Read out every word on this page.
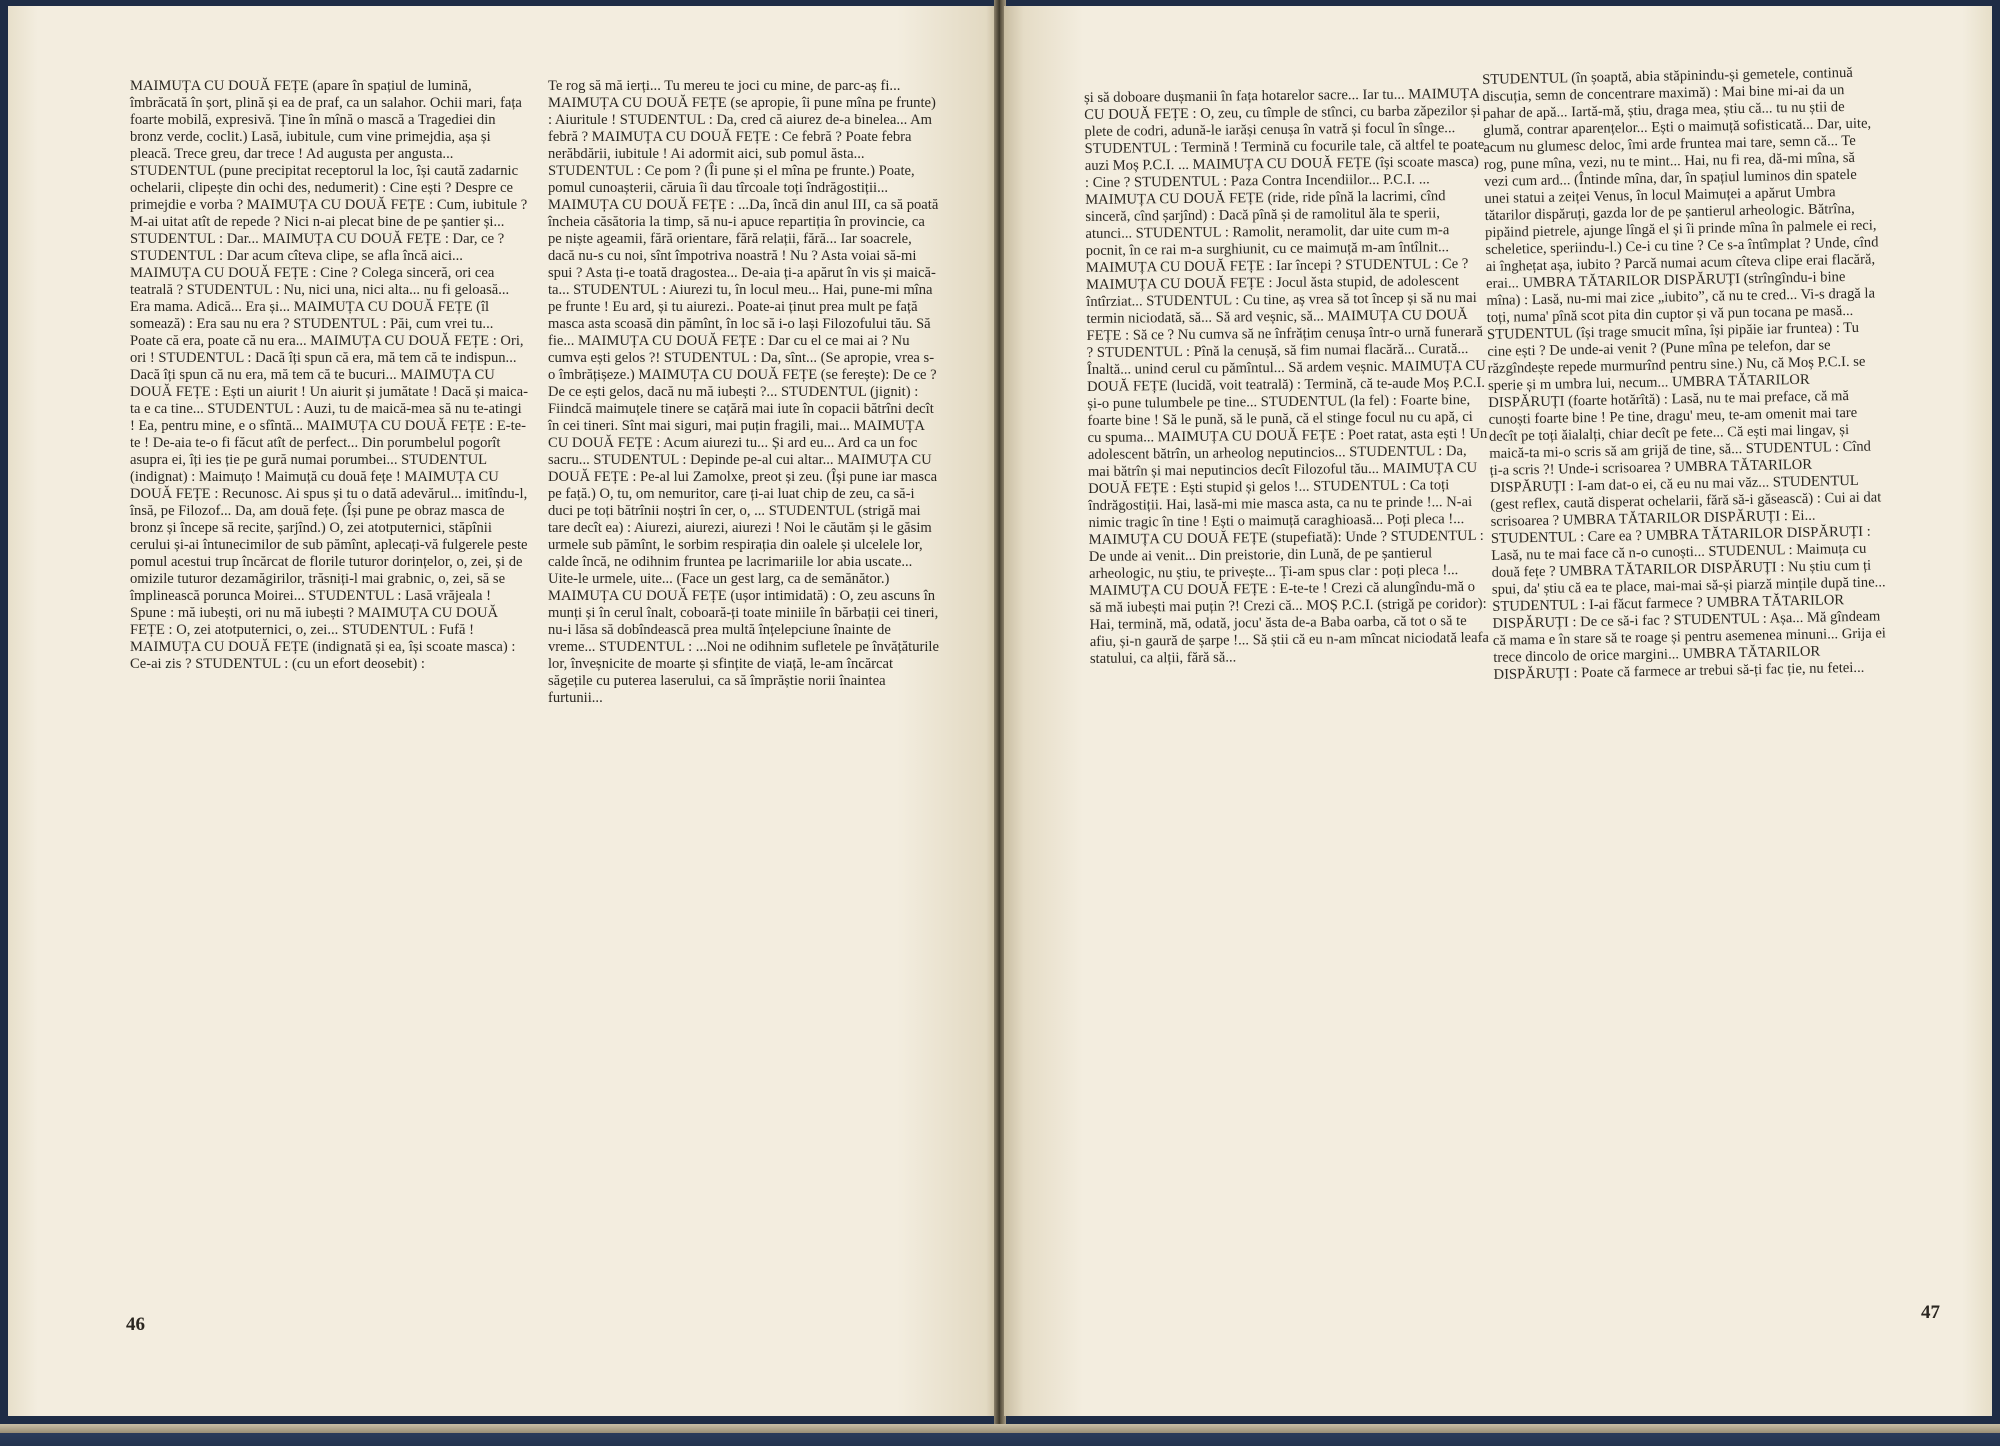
MAIMUȚA CU DOUĂ FEȚE (apare în spațiul de lumină, îmbrăcată în șort, plină și ea de praf, ca un salahor. Ochii mari, fața foarte mobilă, expresivă. Ține în mînă o mască a Tragediei din bronz verde, coclit.) Lasă, iubitule, cum vine primejdia, așa și pleacă. Trece greu, dar trece ! Ad augusta per angusta... STUDENTUL (pune precipitat receptorul la loc, își caută zadarnic ochelarii, clipește din ochi des, nedumerit) : Cine ești ? Despre ce primejdie e vorba ? MAIMUȚA CU DOUĂ FEȚE : Cum, iubitule ? M-ai uitat atît de repede ? Nici n-ai plecat bine de pe șantier și... STUDENTUL : Dar... MAIMUȚA CU DOUĂ FEȚE : Dar, ce ? STUDENTUL : Dar acum cîteva clipe, se afla încă aici... MAIMUȚA CU DOUĂ FEȚE : Cine ? Colega sinceră, ori cea teatrală ? STUDENTUL : Nu, nici una, nici alta... nu fi geloasă... Era mama. Adică... Era și... MAIMUȚA CU DOUĂ FEȚE (îl somează) : Era sau nu era ? STUDENTUL : Păi, cum vrei tu... Poate că era, poate că nu era... MAIMUȚA CU DOUĂ FEȚE : Ori, ori ! STUDENTUL : Dacă îți spun că era, mă tem că te indispun... Dacă îți spun că nu era, mă tem că te bucuri... MAIMUȚA CU DOUĂ FEȚE : Ești un aiurit ! Un aiurit și jumătate ! Dacă și maica-ta e ca tine... STUDENTUL : Auzi, tu de maică-mea să nu te-atingi ! Ea, pentru mine, e o sfîntă... MAIMUȚA CU DOUĂ FEȚE : E-te-te ! De-aia te-o fi făcut atît de perfect... Din porumbelul pogorît asupra ei, îți ies ție pe gură numai porumbei... STUDENTUL (indignat) : Maimuțo ! Maimuță cu două fețe ! MAIMUȚA CU DOUĂ FEȚE : Recunosc. Ai spus și tu o dată adevărul... imitîndu-l, însă, pe Filozof... Da, am două fețe. (Își pune pe obraz masca de bronz și începe să recite, șarjînd.) O, zei atotputernici, stăpînii cerului și-ai întunecimilor de sub pămînt, aplecați-vă fulgerele peste pomul acestui trup încărcat de florile tuturor dorințelor, o, zei, și de omizile tuturor dezamăgirilor, trăsniți-l mai grabnic, o, zei, să se împlinească porunca Moirei... STUDENTUL : Lasă vrăjeala ! Spune : mă iubești, ori nu mă iubești ? MAIMUȚA CU DOUĂ FEȚE : O, zei atotputernici, o, zei... STUDENTUL : Fufă ! MAIMUȚA CU DOUĂ FEȚE (indignată și ea, își scoate masca) : Ce-ai zis ? STUDENTUL : (cu un efort deosebit) :

Te rog să mă ierți... Tu mereu te joci cu mine, de parc-aș fi... MAIMUȚA CU DOUĂ FEȚE (se apropie, îi pune mîna pe frunte) : Aiuritule ! STUDENTUL : Da, cred că aiurez de-a binelea... Am febră ? MAIMUȚA CU DOUĂ FEȚE : Ce febră ? Poate febra nerăbdării, iubitule ! Ai adormit aici, sub pomul ăsta... STUDENTUL : Ce pom ? (Îi pune și el mîna pe frunte.) Poate, pomul cunoașterii, căruia îi dau tîrcoale toți îndrăgostiții... MAIMUȚA CU DOUĂ FEȚE : ...Da, încă din anul III, ca să poată încheia căsătoria la timp, să nu-i apuce repartiția în provincie, ca pe niște ageamii, fără orientare, fără relații, fără... Iar soacrele, dacă nu-s cu noi, sînt împotriva noastră ! Nu ? Asta voiai să-mi spui ? Asta ți-e toată dragostea... De-aia ți-a apărut în vis și maică-ta... STUDENTUL : Aiurezi tu, în locul meu... Hai, pune-mi mîna pe frunte ! Eu ard, și tu aiurezi.. Poate-ai ținut prea mult pe față masca asta scoasă din pămînt, în loc să i-o lași Filozofului tău. Să fie... MAIMUȚA CU DOUĂ FEȚE : Dar cu el ce mai ai ? Nu cumva ești gelos ?! STUDENTUL : Da, sînt... (Se apropie, vrea s-o îmbrățișeze.) MAIMUȚA CU DOUĂ FEȚE (se ferește): De ce ? De ce ești gelos, dacă nu mă iubești ?... STUDENTUL (jignit) : Fiindcă maimuțele tinere se cațără mai iute în copacii bătrîni decît în cei tineri. Sînt mai siguri, mai puțin fragili, mai... MAIMUȚA CU DOUĂ FEȚE : Acum aiurezi tu... Și ard eu... Ard ca un foc sacru... STUDENTUL : Depinde pe-al cui altar... MAIMUȚA CU DOUĂ FEȚE : Pe-al lui Zamolxe, preot și zeu. (Își pune iar masca pe față.) O, tu, om nemuritor, care ți-ai luat chip de zeu, ca să-i duci pe toți bătrînii noștri în cer, o, ... STUDENTUL (strigă mai tare decît ea) : Aiurezi, aiurezi, aiurezi ! Noi le căutăm și le găsim urmele sub pămînt, le sorbim respirația din oalele și ulcelele lor, calde încă, ne odihnim fruntea pe lacrimariile lor abia uscate... Uite-le urmele, uite... (Face un gest larg, ca de semănător.) MAIMUȚA CU DOUĂ FEȚE (ușor intimidată) : O, zeu ascuns în munți și în cerul înalt, coboară-ți toate miniile în bărbații cei tineri, nu-i lăsa să dobîndească prea multă înțelepciune înainte de vreme... STUDENTUL : ...Noi ne odihnim sufletele pe învățăturile lor, înveșnicite de moarte și sfințite de viață, le-am încărcat săgețile cu puterea laserului, ca să împrăștie norii înaintea furtunii...

46

și să doboare dușmanii în fața hotarelor sacre... Iar tu... MAIMUȚA CU DOUĂ FEȚE : O, zeu, cu tîmple de stînci, cu barba zăpezilor și plete de codri, adună-le iarăși cenușa în vatră și focul în sînge... STUDENTUL : Termină ! Termină cu focurile tale, că altfel te poate auzi Moș P.C.I. ... MAIMUȚA CU DOUĂ FEȚE (își scoate masca) : Cine ? STUDENTUL : Paza Contra Incendiilor... P.C.I. ... MAIMUȚA CU DOUĂ FEȚE (ride, ride pînă la lacrimi, cînd sinceră, cînd șarjînd) : Dacă pînă și de ramolitul ăla te sperii, atunci... STUDENTUL : Ramolit, neramolit, dar uite cum m-a pocnit, în ce rai m-a surghiunit, cu ce maimuță m-am întîlnit... MAIMUȚA CU DOUĂ FEȚE : Iar începi ? STUDENTUL : Ce ? MAIMUȚA CU DOUĂ FEȚE : Jocul ăsta stupid, de adolescent întîrziat... STUDENTUL : Cu tine, aș vrea să tot încep și să nu mai termin niciodată, să... Să ard veșnic, să... MAIMUȚA CU DOUĂ FEȚE : Să ce ? Nu cumva să ne înfrățim cenușa într-o urnă funerară ? STUDENTUL : Pînă la cenușă, să fim numai flacără... Curată... Înaltă... unind cerul cu pămîntul... Să ardem veșnic. MAIMUȚA CU DOUĂ FEȚE (lucidă, voit teatrală) : Termină, că te-aude Moș P.C.I. și-o pune tulumbele pe tine... STUDENTUL (la fel) : Foarte bine, foarte bine ! Să le pună, să le pună, că el stinge focul nu cu apă, ci cu spuma... MAIMUȚA CU DOUĂ FEȚE : Poet ratat, asta ești ! Un adolescent bătrîn, un arheolog neputincios... STUDENTUL : Da, mai bătrîn și mai neputincios decît Filozoful tău... MAIMUȚA CU DOUĂ FEȚE : Ești stupid și gelos !... STUDENTUL : Ca toți îndrăgostiții. Hai, lasă-mi mie masca asta, ca nu te prinde !... N-ai nimic tragic în tine ! Ești o maimuță caraghioasă... Poți pleca !... MAIMUȚA CU DOUĂ FEȚE (stupefiată): Unde ? STUDENTUL : De unde ai venit... Din preistorie, din Lună, de pe șantierul arheologic, nu știu, te privește... Ți-am spus clar : poți pleca !... MAIMUȚA CU DOUĂ FEȚE : E-te-te ! Crezi că alungîndu-mă o să mă iubești mai puțin ?! Crezi că... MOȘ P.C.I. (strigă pe coridor): Hai, termină, mă, odată, jocu' ăsta de-a Baba oarba, că tot o să te afiu, și-n gaură de șarpe !... Să știi că eu n-am mîncat niciodată leafa statului, ca alții, fără să...

STUDENTUL (în șoaptă, abia stăpinindu-și gemetele, continuă discuția, semn de concentrare maximă) : Mai bine mi-ai da un pahar de apă... Iartă-mă, știu, draga mea, știu că... tu nu știi de glumă, contrar aparențelor... Ești o maimuță sofisticată... Dar, uite, acum nu glumesc deloc, îmi arde fruntea mai tare, semn că... Te rog, pune mîna, vezi, nu te mint... Hai, nu fi rea, dă-mi mîna, să vezi cum ard... (Întinde mîna, dar, în spațiul luminos din spatele unei statui a zeiței Venus, în locul Maimuței a apărut Umbra tătarilor dispăruți, gazda lor de pe șantierul arheologic. Bătrîna, pipăind pietrele, ajunge lîngă el și îi prinde mîna în palmele ei reci, scheletice, speriindu-l.) Ce-i cu tine ? Ce s-a întîmplat ? Unde, cînd ai înghețat așa, iubito ? Parcă numai acum cîteva clipe erai flacără, erai... UMBRA TĂTARILOR DISPĂRUȚI (strîngîndu-i bine mîna) : Lasă, nu-mi mai zice „iubito”, că nu te cred... Vi-s dragă la toți, numa' pînă scot pita din cuptor și vă pun tocana pe masă... STUDENTUL (își trage smucit mîna, își pipăie iar fruntea) : Tu cine ești ? De unde-ai venit ? (Pune mîna pe telefon, dar se răzgîndește repede murmurînd pentru sine.) Nu, că Moș P.C.I. se sperie și m umbra lui, necum... UMBRA TĂTARILOR DISPĂRUȚI (foarte hotărîtă) : Lasă, nu te mai preface, că mă cunoști foarte bine ! Pe tine, dragu' meu, te-am omenit mai tare decît pe toți ăialalți, chiar decît pe fete... Că ești mai lingav, și maică-ta mi-o scris să am grijă de tine, să... STUDENTUL : Cînd ți-a scris ?! Unde-i scrisoarea ? UMBRA TĂTARILOR DISPĂRUȚI : I-am dat-o ei, că eu nu mai văz... STUDENTUL (gest reflex, caută disperat ochelarii, fără să-i găsească) : Cui ai dat scrisoarea ? UMBRA TĂTARILOR DISPĂRUȚI : Ei... STUDENTUL : Care ea ? UMBRA TĂTARILOR DISPĂRUȚI : Lasă, nu te mai face că n-o cunoști... STUDENUL : Maimuța cu două fețe ? UMBRA TĂTARILOR DISPĂRUȚI : Nu știu cum ți spui, da' știu că ea te place, mai-mai să-și piarză mințile după tine... STUDENTUL : I-ai făcut farmece ? UMBRA TĂTARILOR DISPĂRUȚI : De ce să-i fac ? STUDENTUL : Așa... Mă gîndeam că mama e în stare să te roage și pentru asemenea minuni... Grija ei trece dincolo de orice margini... UMBRA TĂTARILOR DISPĂRUȚI : Poate că farmece ar trebui să-ți fac ție, nu fetei...

47
